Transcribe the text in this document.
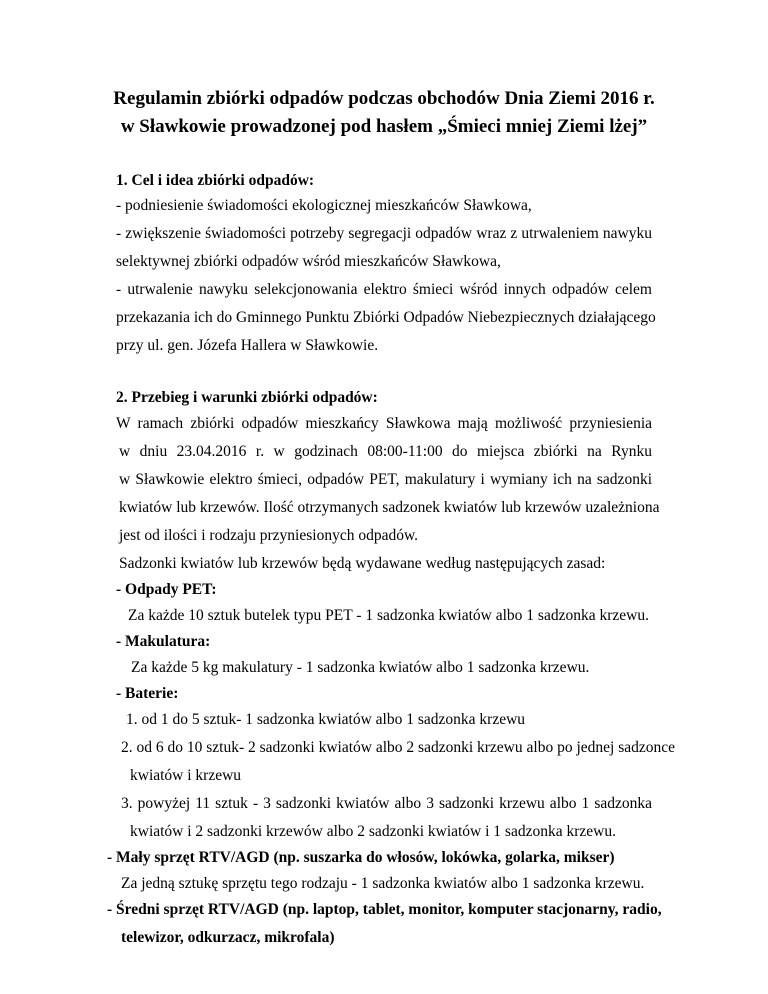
Regulamin zbiórki odpadów podczas obchodów Dnia Ziemi 2016 r.
w Sławkowie prowadzonej pod hasłem „Śmieci mniej Ziemi lżej”
1. Cel i idea zbiórki odpadów:
- podniesienie świadomości ekologicznej mieszkańców Sławkowa,
- zwiększenie świadomości potrzeby segregacji odpadów wraz z utrwaleniem nawyku
selektywnej zbiórki odpadów wśród mieszkańców Sławkowa,
- utrwalenie nawyku selekcjonowania elektro śmieci wśród innych odpadów celem
przekazania ich do Gminnego Punktu Zbiórki Odpadów Niebezpiecznych działającego
przy ul. gen. Józefa Hallera w Sławkowie.
2. Przebieg i warunki zbiórki odpadów:
W ramach zbiórki odpadów mieszkańcy Sławkowa mają możliwość przyniesienia
w dniu 23.04.2016 r. w godzinach 08:00-11:00 do miejsca zbiórki na Rynku
w Sławkowie elektro śmieci, odpadów PET, makulatury i wymiany ich na sadzonki
kwiatów lub krzewów. Ilość otrzymanych sadzonek kwiatów lub krzewów uzależniona
jest od ilości i rodzaju przyniesionych odpadów.
Sadzonki kwiatów lub krzewów będą wydawane według następujących zasad:
- Odpady PET:
Za każde 10 sztuk butelek typu PET - 1 sadzonka kwiatów albo 1 sadzonka krzewu.
- Makulatura:
Za każde 5 kg makulatury - 1 sadzonka kwiatów albo 1 sadzonka krzewu.
- Baterie:
1. od 1 do 5 sztuk- 1 sadzonka kwiatów albo 1 sadzonka krzewu
2. od 6 do 10 sztuk- 2 sadzonki kwiatów albo 2 sadzonki krzewu albo po jednej sadzonce
kwiatów i krzewu
3. powyżej 11 sztuk - 3 sadzonki kwiatów albo 3 sadzonki krzewu albo 1 sadzonka
kwiatów i 2 sadzonki krzewów albo 2 sadzonki kwiatów i 1 sadzonka krzewu.
- Mały sprzęt RTV/AGD (np. suszarka do włosów, lokówka, golarka, mikser)
Za jedną sztukę sprzętu tego rodzaju - 1 sadzonka kwiatów albo 1 sadzonka krzewu.
- Średni sprzęt RTV/AGD (np. laptop, tablet, monitor, komputer stacjonarny, radio,
telewizor, odkurzacz, mikrofala)
